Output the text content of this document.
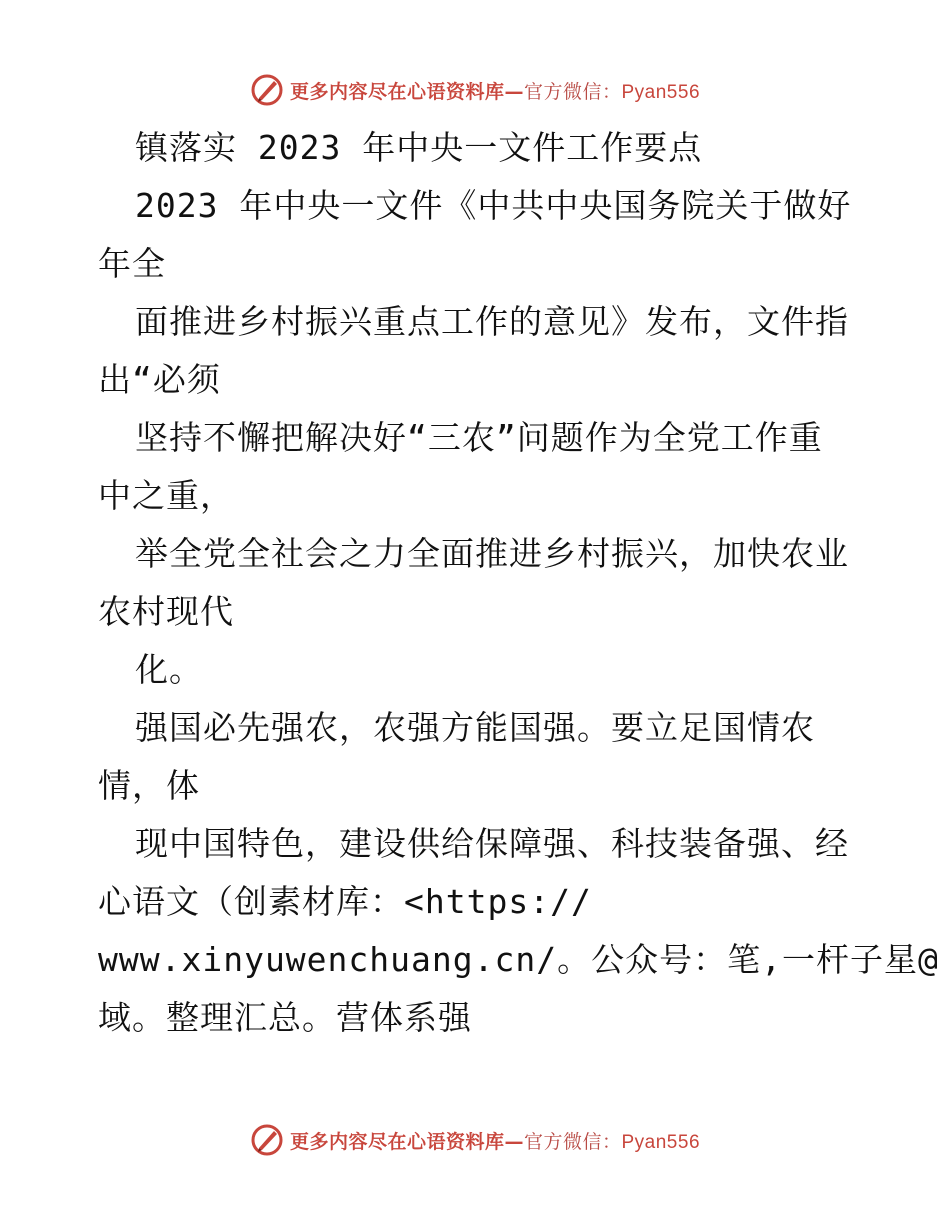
更多内容尽在心语资料库—官方微信：Pyan556
镇落实 2023 年中央一文件工作要点
2023 年中央一文件《中共中央国务院关于做好
年全
面推进乡村振兴重点工作的意见》发布，文件指
出“必须
坚持不懈把解决好“三农”问题作为全党工作重
中之重，
举全党全社会之力全面推进乡村振兴，加快农业
农村现代
化。
强国必先强农，农强方能国强。要立足国情农
情，体
现中国特色，建设供给保障强、科技装备强、经
心语文（创素材库：<https://
www.xinyuwenchuang.cn/。公众号：笔,一杆子星@
域。整理汇总。营体系强
更多内容尽在心语资料库—官方微信：Pyan556
